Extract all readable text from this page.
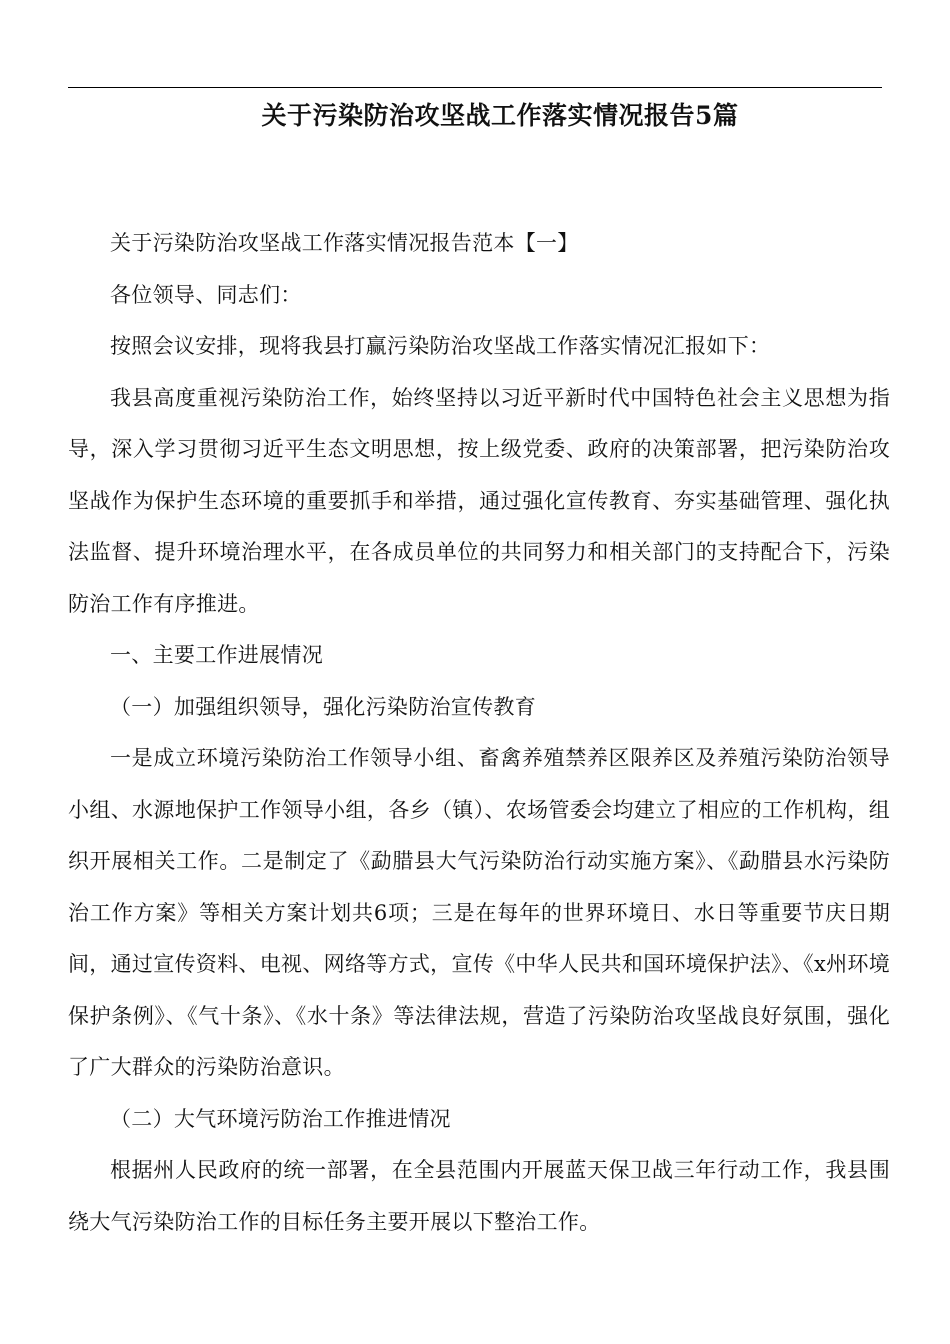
关于污染防治攻坚战工作落实情况报告5篇

关于污染防治攻坚战工作落实情况报告范本【一】

各位领导、同志们：

按照会议安排，现将我县打赢污染防治攻坚战工作落实情况汇报如下：

我县高度重视污染防治工作，始终坚持以习近平新时代中国特色社会主义思想为指导，深入学习贯彻习近平生态文明思想，按上级党委、政府的决策部署，把污染防治攻坚战作为保护生态环境的重要抓手和举措，通过强化宣传教育、夯实基础管理、强化执法监督、提升环境治理水平，在各成员单位的共同努力和相关部门的支持配合下，污染防治工作有序推进。

一、主要工作进展情况

（一）加强组织领导，强化污染防治宣传教育

一是成立环境污染防治工作领导小组、畜禽养殖禁养区限养区及养殖污染防治领导小组、水源地保护工作领导小组，各乡（镇）、农场管委会均建立了相应的工作机构，组织开展相关工作。二是制定了《勐腊县大气污染防治行动实施方案》、《勐腊县水污染防治工作方案》等相关方案计划共6项；三是在每年的世界环境日、水日等重要节庆日期间，通过宣传资料、电视、网络等方式，宣传《中华人民共和国环境保护法》、《x州环境保护条例》、《气十条》、《水十条》等法律法规，营造了污染防治攻坚战良好氛围，强化了广大群众的污染防治意识。

（二）大气环境污防治工作推进情况

根据州人民政府的统一部署，在全县范围内开展蓝天保卫战三年行动工作，我县围绕大气污染防治工作的目标任务主要开展以下整治工作。
